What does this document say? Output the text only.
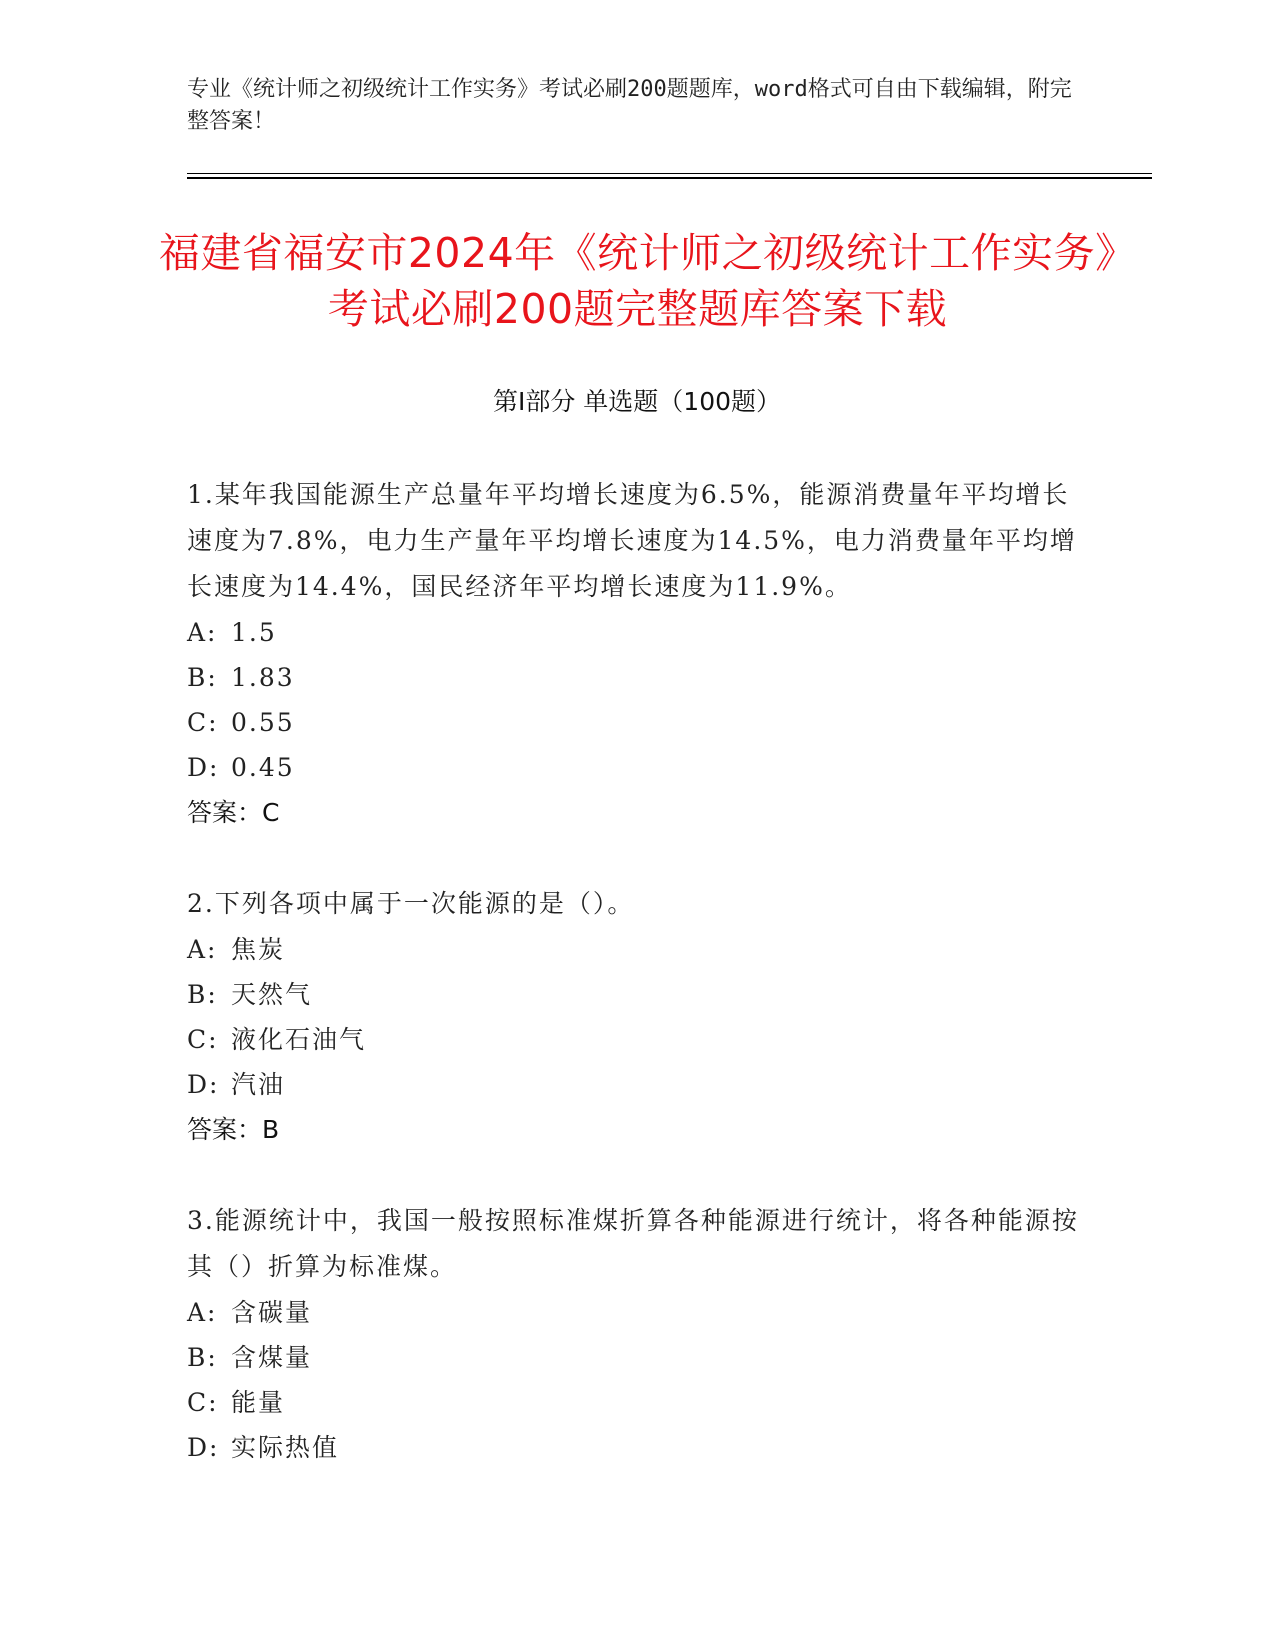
专业《统计师之初级统计工作实务》考试必刷200题题库，word格式可自由下载编辑，附完整答案！
福建省福安市2024年《统计师之初级统计工作实务》考试必刷200题完整题库答案下载
第Ⅰ部分 单选题（100题）

1.某年我国能源生产总量年平均增长速度为6.5%，能源消费量年平均增长速度为7.8%，电力生产量年平均增长速度为14.5%，电力消费量年平均增长速度为14.4%，国民经济年平均增长速度为11.9%。

A: 1.5

B: 1.83

C: 0.55

D: 0.45

答案：C

2.下列各项中属于一次能源的是（）。

A: 焦炭

B: 天然气

C: 液化石油气

D: 汽油

答案：B

3.能源统计中，我国一般按照标准煤折算各种能源进行统计，将各种能源按其（）折算为标准煤。

A: 含碳量

B: 含煤量

C: 能量

D: 实际热值
